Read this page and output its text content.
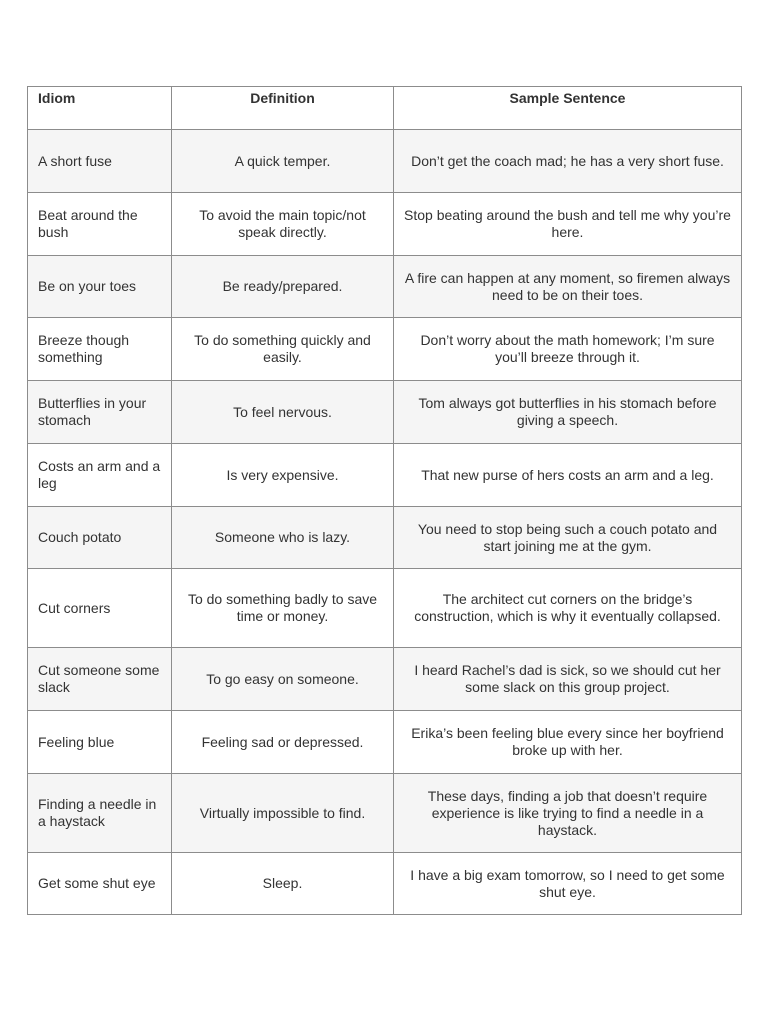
Idiom	Definition	Sample Sentence
A short fuse	A quick temper.	Don’t get the coach mad; he has a very short fuse.
Beat around the bush	To avoid the main topic/not speak directly.	Stop beating around the bush and tell me why you’re here.
Be on your toes	Be ready/prepared.	A fire can happen at any moment, so firemen always need to be on their toes.
Breeze though something	To do something quickly and easily.	Don’t worry about the math homework; I’m sure you’ll breeze through it.
Butterflies in your stomach	To feel nervous.	Tom always got butterflies in his stomach before giving a speech.
Costs an arm and a leg	Is very expensive.	That new purse of hers costs an arm and a leg.
Couch potato	Someone who is lazy.	You need to stop being such a couch potato and start joining me at the gym.
Cut corners	To do something badly to save time or money.	The architect cut corners on the bridge’s construction, which is why it eventually collapsed.
Cut someone some slack	To go easy on someone.	I heard Rachel’s dad is sick, so we should cut her some slack on this group project.
Feeling blue	Feeling sad or depressed.	Erika’s been feeling blue every since her boyfriend broke up with her.
Finding a needle in a haystack	Virtually impossible to find.	These days, finding a job that doesn’t require experience is like trying to find a needle in a haystack.
Get some shut eye	Sleep.	I have a big exam tomorrow, so I need to get some shut eye.
